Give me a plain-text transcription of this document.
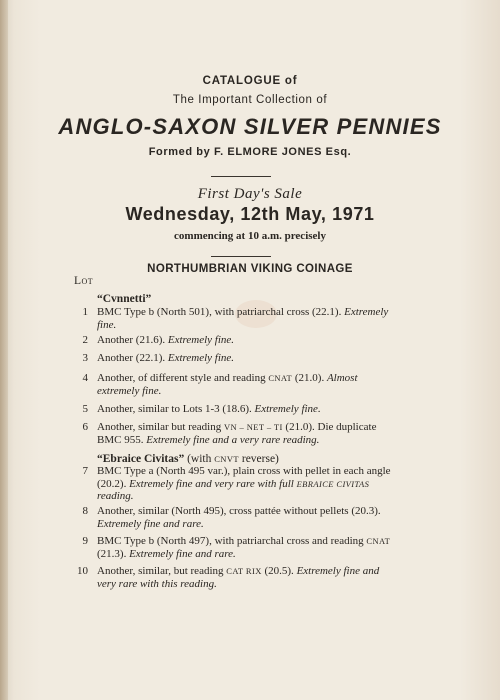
CATALOGUE of
The Important Collection of
ANGLO-SAXON SILVER PENNIES
Formed by F. ELMORE JONES Esq.
First Day's Sale
Wednesday, 12th May, 1971
commencing at 10 a.m. precisely
NORTHUMBRIAN VIKING COINAGE
Lot
“Cvnnetti”
1 BMC Type b (North 501), with patriarchal cross (22.1). Extremely fine.
2 Another (21.6). Extremely fine.
3 Another (22.1). Extremely fine.
4 Another, of different style and reading CNAT (21.0). Almost extremely fine.
5 Another, similar to Lots 1-3 (18.6). Extremely fine.
6 Another, similar but reading VN – NET – TI (21.0). Die duplicate BMC 955. Extremely fine and a very rare reading.
“Ebraice Civitas” (with CNVT reverse)
7 BMC Type a (North 495 var.), plain cross with pellet in each angle (20.2). Extremely fine and very rare with full EBRAICE CIVITAS reading.
8 Another, similar (North 495), cross pattée without pellets (20.3). Extremely fine and rare.
9 BMC Type b (North 497), with patriarchal cross and reading CNAT (21.3). Extremely fine and rare.
10 Another, similar, but reading CAT RIX (20.5). Extremely fine and very rare with this reading.
